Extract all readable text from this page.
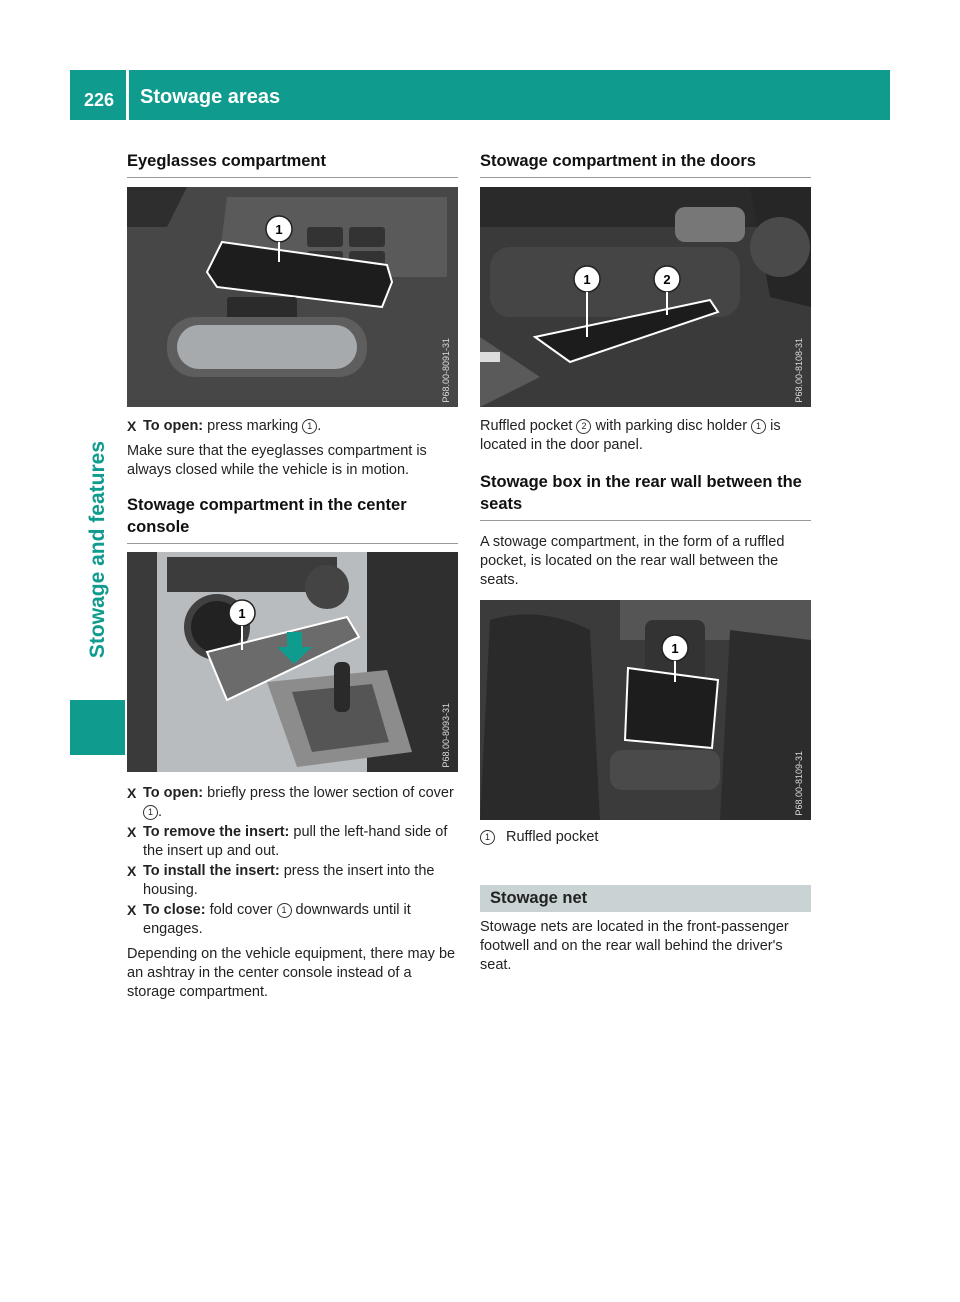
226 Stowage areas
Stowage and features
Eyeglasses compartment
1
P68.00-8091-31
X To open: press marking 1 .

Make sure that the eyeglasses compartment is always closed while the vehicle is in motion.

Stowage compartment in the center console
1
P68.00-8093-31
X To open: briefly press the lower section of cover 1 .
X To remove the insert: pull the left-hand side of the insert up and out.
X To install the insert: press the insert into the housing.
X To close: fold cover 1 downwards until it engages.

Depending on the vehicle equipment, there may be an ashtray in the center console instead of a storage compartment.

Stowage compartment in the doors
1	2
P68.00-8108-31

Ruffled pocket 2 with parking disc holder 1 is located in the door panel.

Stowage box in the rear wall between the seats

A stowage compartment, in the form of a ruffled pocket, is located on the rear wall between the seats.

1
P68.00-8109-31
1	Ruffled pocket
Stowage net

Stowage nets are located in the front-passenger footwell and on the rear wall behind the driver's seat.
